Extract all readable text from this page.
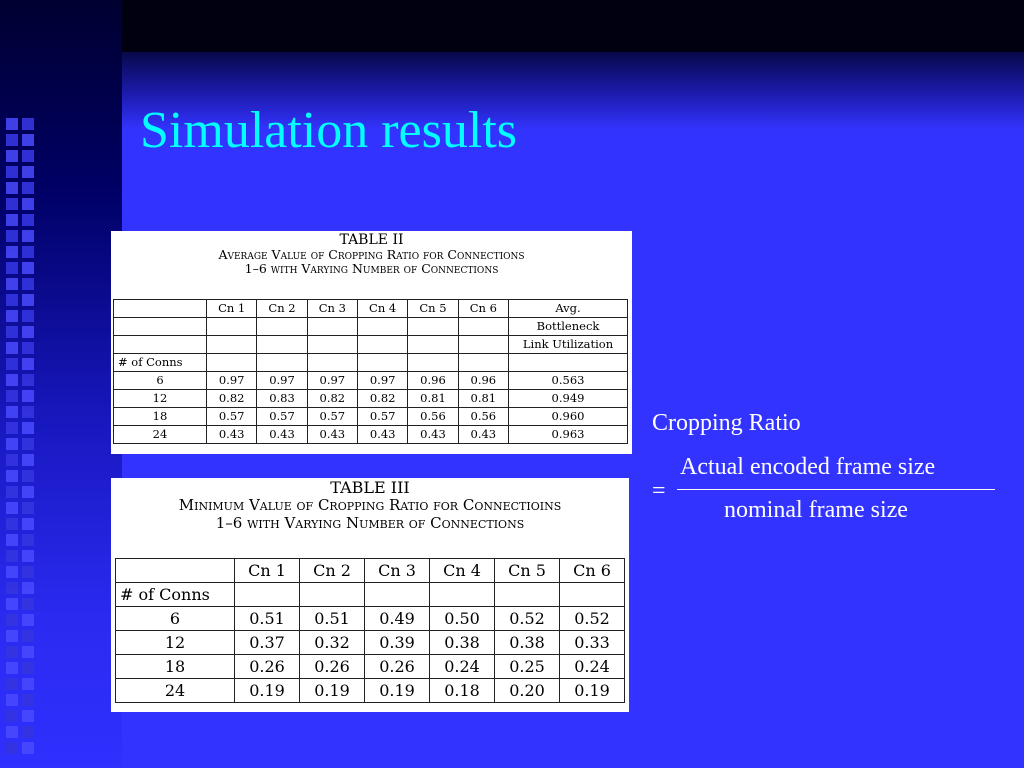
Simulation results
TABLE II
Average Value of Cropping Ratio for Connections
1–6 with Varying Number of Connections
	Cn 1	Cn 2	Cn 3	Cn 4	Cn 5	Cn 6	Avg.
							Bottleneck
							Link Utilization
# of Conns							
6	0.97	0.97	0.97	0.97	0.96	0.96	0.563
12	0.82	0.83	0.82	0.82	0.81	0.81	0.949
18	0.57	0.57	0.57	0.57	0.56	0.56	0.960
24	0.43	0.43	0.43	0.43	0.43	0.43	0.963
TABLE III
Minimum Value of Cropping Ratio for Connectioins
1–6 with Varying Number of Connections
	Cn 1	Cn 2	Cn 3	Cn 4	Cn 5	Cn 6
# of Conns						
6	0.51	0.51	0.49	0.50	0.52	0.52
12	0.37	0.32	0.39	0.38	0.38	0.33
18	0.26	0.26	0.26	0.24	0.25	0.24
24	0.19	0.19	0.19	0.18	0.20	0.19
Cropping Ratio
=
Actual encoded frame size
nominal frame size
